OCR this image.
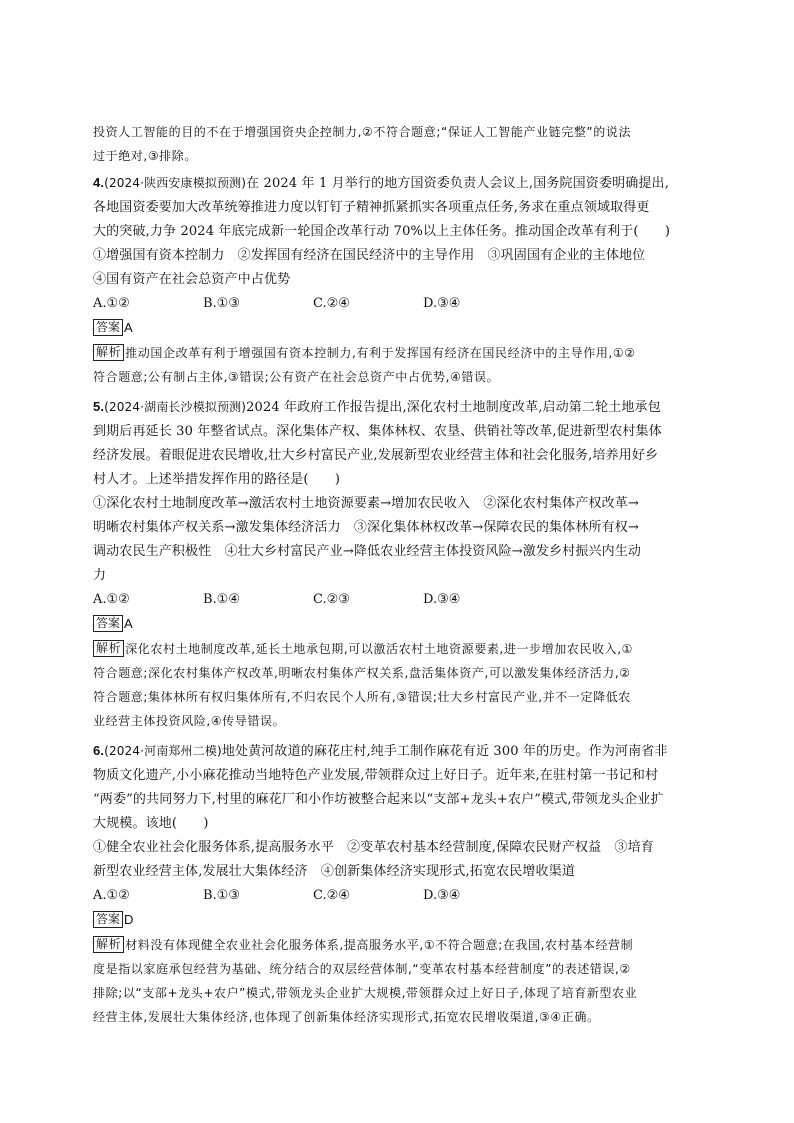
投资人工智能的目的不在于增强国资央企控制力,②不符合题意;“保证人工智能产业链完整”的说法
过于绝对,③排除。
4.(2024·陕西安康模拟预测)在 2024 年 1 月举行的地方国资委负责人会议上,国务院国资委明确提出,
各地国资委要加大改革统筹推进力度以钉钉子精神抓紧抓实各项重点任务,务求在重点领域取得更
大的突破,力争 2024 年底完成新一轮国企改革行动 70%以上主体任务。推动国企改革有利于(　　)
①增强国有资本控制力　②发挥国有经济在国民经济中的主导作用　③巩固国有企业的主体地位
④国有资产在社会总资产中占优势
A.①②	B.①③	C.②④	D.③④
答案 A
解析 推动国企改革有利于增强国有资本控制力,有利于发挥国有经济在国民经济中的主导作用,①②
符合题意;公有制占主体,③错误;公有资产在社会总资产中占优势,④错误。
5.(2024·湖南长沙模拟预测)2024 年政府工作报告提出,深化农村土地制度改革,启动第二轮土地承包
到期后再延长 30 年整省试点。深化集体产权、集体林权、农垦、供销社等改革,促进新型农村集体
经济发展。着眼促进农民增收,壮大乡村富民产业,发展新型农业经营主体和社会化服务,培养用好乡
村人才。上述举措发挥作用的路径是(　　)
①深化农村土地制度改革→激活农村土地资源要素→增加农民收入　②深化农村集体产权改革→
明晰农村集体产权关系→激发集体经济活力　③深化集体林权改革→保障农民的集体林所有权→
调动农民生产积极性　④壮大乡村富民产业→降低农业经营主体投资风险→激发乡村振兴内生动
力
A.①②	B.①④	C.②③	D.③④
答案 A
解析 深化农村土地制度改革,延长土地承包期,可以激活农村土地资源要素,进一步增加农民收入,①
符合题意;深化农村集体产权改革,明晰农村集体产权关系,盘活集体资产,可以激发集体经济活力,②
符合题意;集体林所有权归集体所有,不归农民个人所有,③错误;壮大乡村富民产业,并不一定降低农
业经营主体投资风险,④传导错误。
6.(2024·河南郑州二模)地处黄河故道的麻花庄村,纯手工制作麻花有近 300 年的历史。作为河南省非
物质文化遗产,小小麻花推动当地特色产业发展,带领群众过上好日子。近年来,在驻村第一书记和村
“两委”的共同努力下,村里的麻花厂和小作坊被整合起来以“支部+龙头+农户”模式,带领龙头企业扩
大规模。该地(　　)
①健全农业社会化服务体系,提高服务水平　②变革农村基本经营制度,保障农民财产权益　③培育
新型农业经营主体,发展壮大集体经济　④创新集体经济实现形式,拓宽农民增收渠道
A.①②	B.①③	C.②④	D.③④
答案 D
解析 材料没有体现健全农业社会化服务体系,提高服务水平,①不符合题意;在我国,农村基本经营制
度是指以家庭承包经营为基础、统分结合的双层经营体制,“变革农村基本经营制度”的表述错误,②
排除;以“支部+龙头+农户”模式,带领龙头企业扩大规模,带领群众过上好日子,体现了培育新型农业
经营主体,发展壮大集体经济,也体现了创新集体经济实现形式,拓宽农民增收渠道,③④正确。
